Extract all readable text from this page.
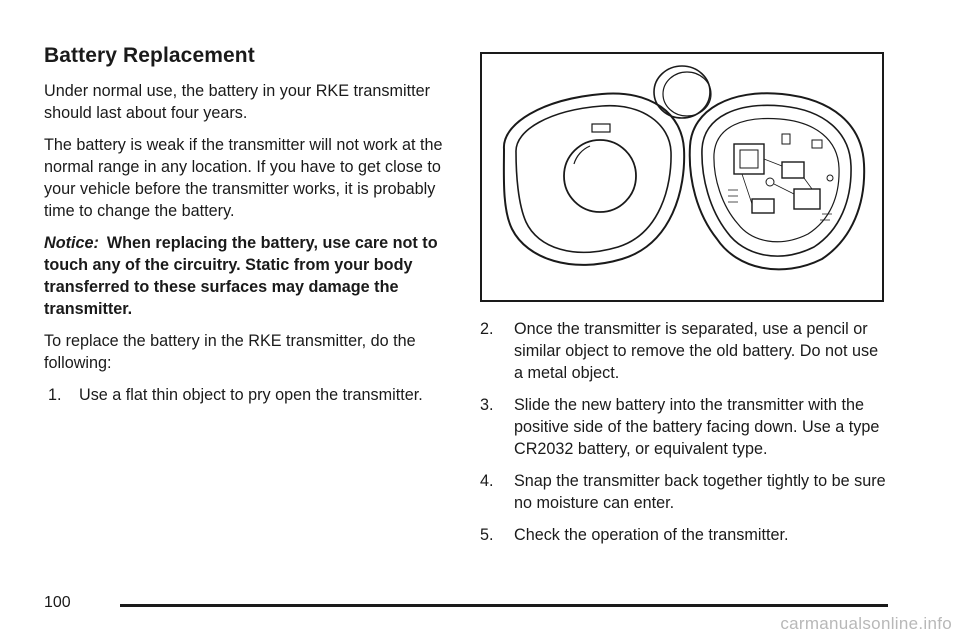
Battery Replacement

Under normal use, the battery in your RKE transmitter should last about four years.

The battery is weak if the transmitter will not work at the normal range in any location. If you have to get close to your vehicle before the transmitter works, it is probably time to change the battery.

Notice: When replacing the battery, use care not to touch any of the circuitry. Static from your body transferred to these surfaces may damage the transmitter.

To replace the battery in the RKE transmitter, do the following:

1. Use a flat thin object to pry open the transmitter.
2. Once the transmitter is separated, use a pencil or similar object to remove the old battery. Do not use a metal object.
3. Slide the new battery into the transmitter with the positive side of the battery facing down. Use a type CR2032 battery, or equivalent type.
4. Snap the transmitter back together tightly to be sure no moisture can enter.
5. Check the operation of the transmitter.
100
carmanualsonline.info
